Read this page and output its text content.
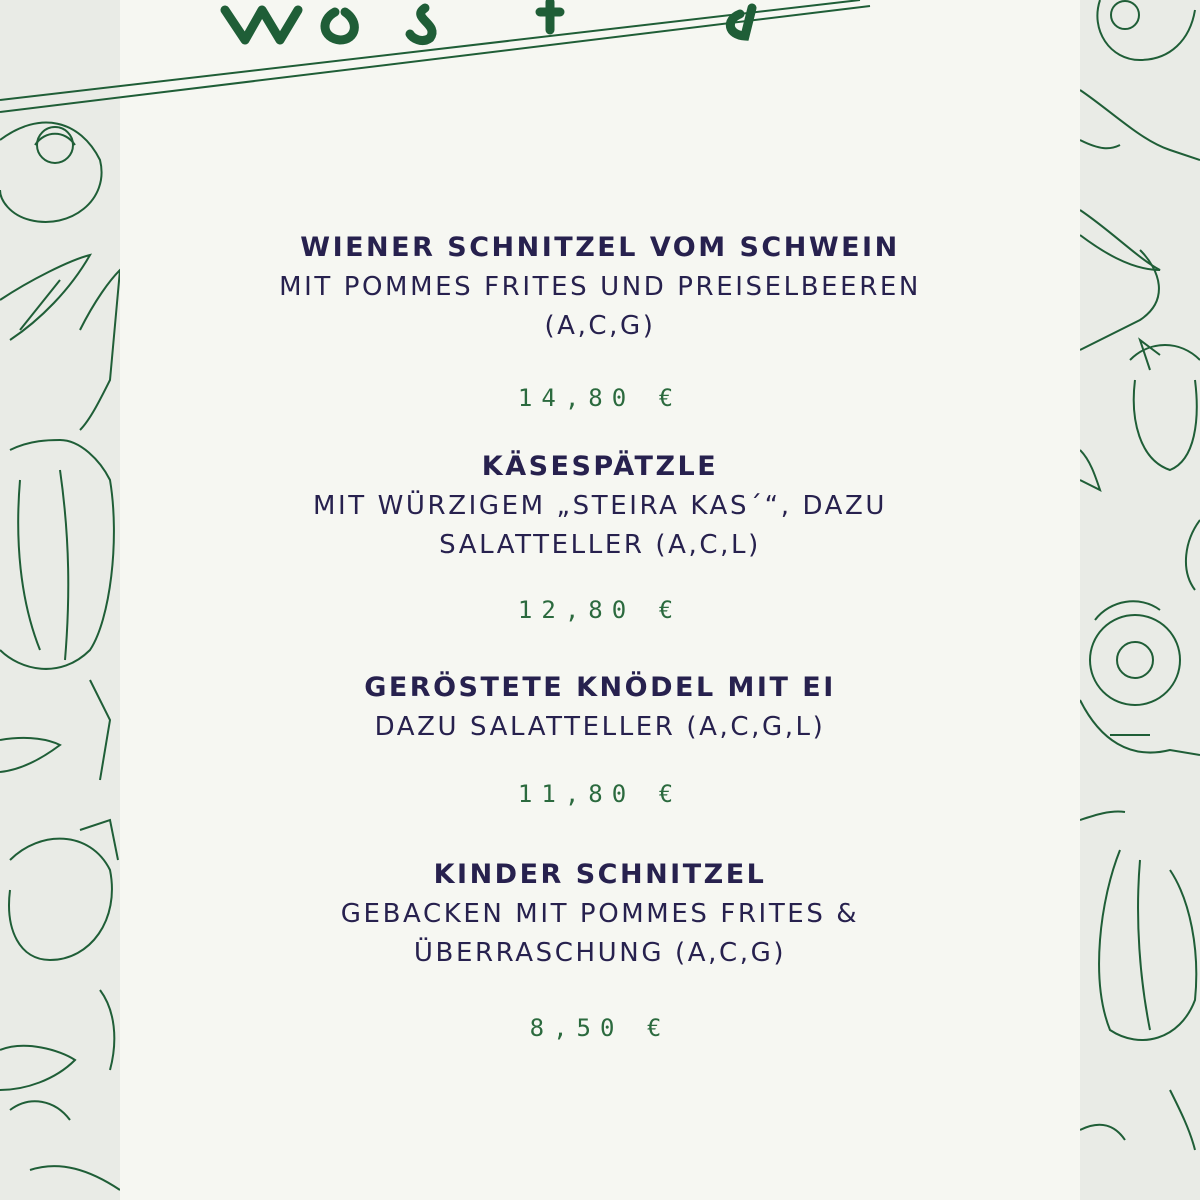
WIENER SCHNITZEL VOM SCHWEIN
MIT POMMES FRITES UND PREISELBEEREN
(A,C,G)
14,80 €
KÄSESPÄTZLE
MIT WÜRZIGEM „STEIRA KAS´“, DAZU
SALATTELLER (A,C,L)
12,80 €
GERÖSTETE KNÖDEL MIT EI
DAZU SALATTELLER (A,C,G,L)
11,80 €
KINDER SCHNITZEL
GEBACKEN MIT POMMES FRITES &
ÜBERRASCHUNG (A,C,G)
8,50 €
